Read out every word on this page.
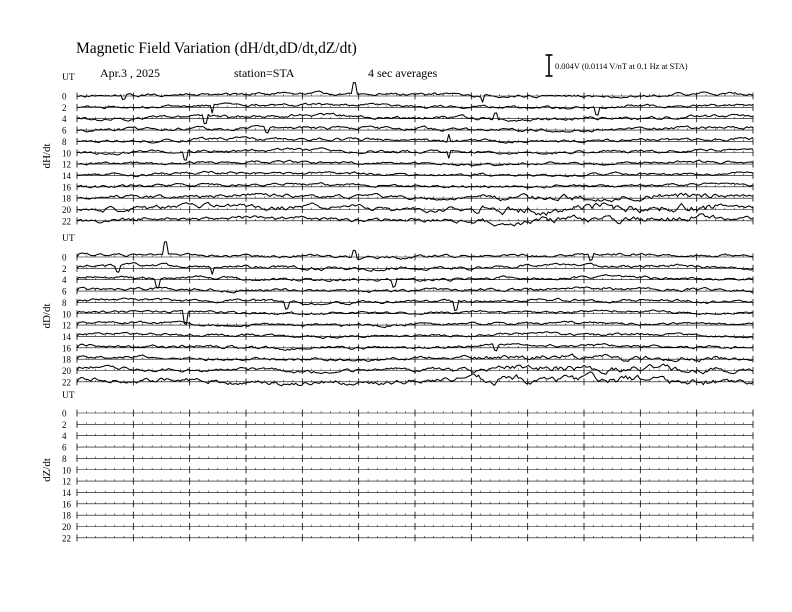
Magnetic Field Variation (dH/dt,dD/dt,dZ/dt)
Apr.3 , 2025	station=STA	4 sec averages	0.004V (0.0114 V/nT at 0.1 Hz at STA)
UT
dH/dt
0
2
4
6
8
10
12
14
16
18
20
22
UT
dD/dt
0
2
4
6
8
10
12
14
16
18
20
22
UT
dZ/dt
0
2
4
6
8
10
12
14
16
18
20
22
